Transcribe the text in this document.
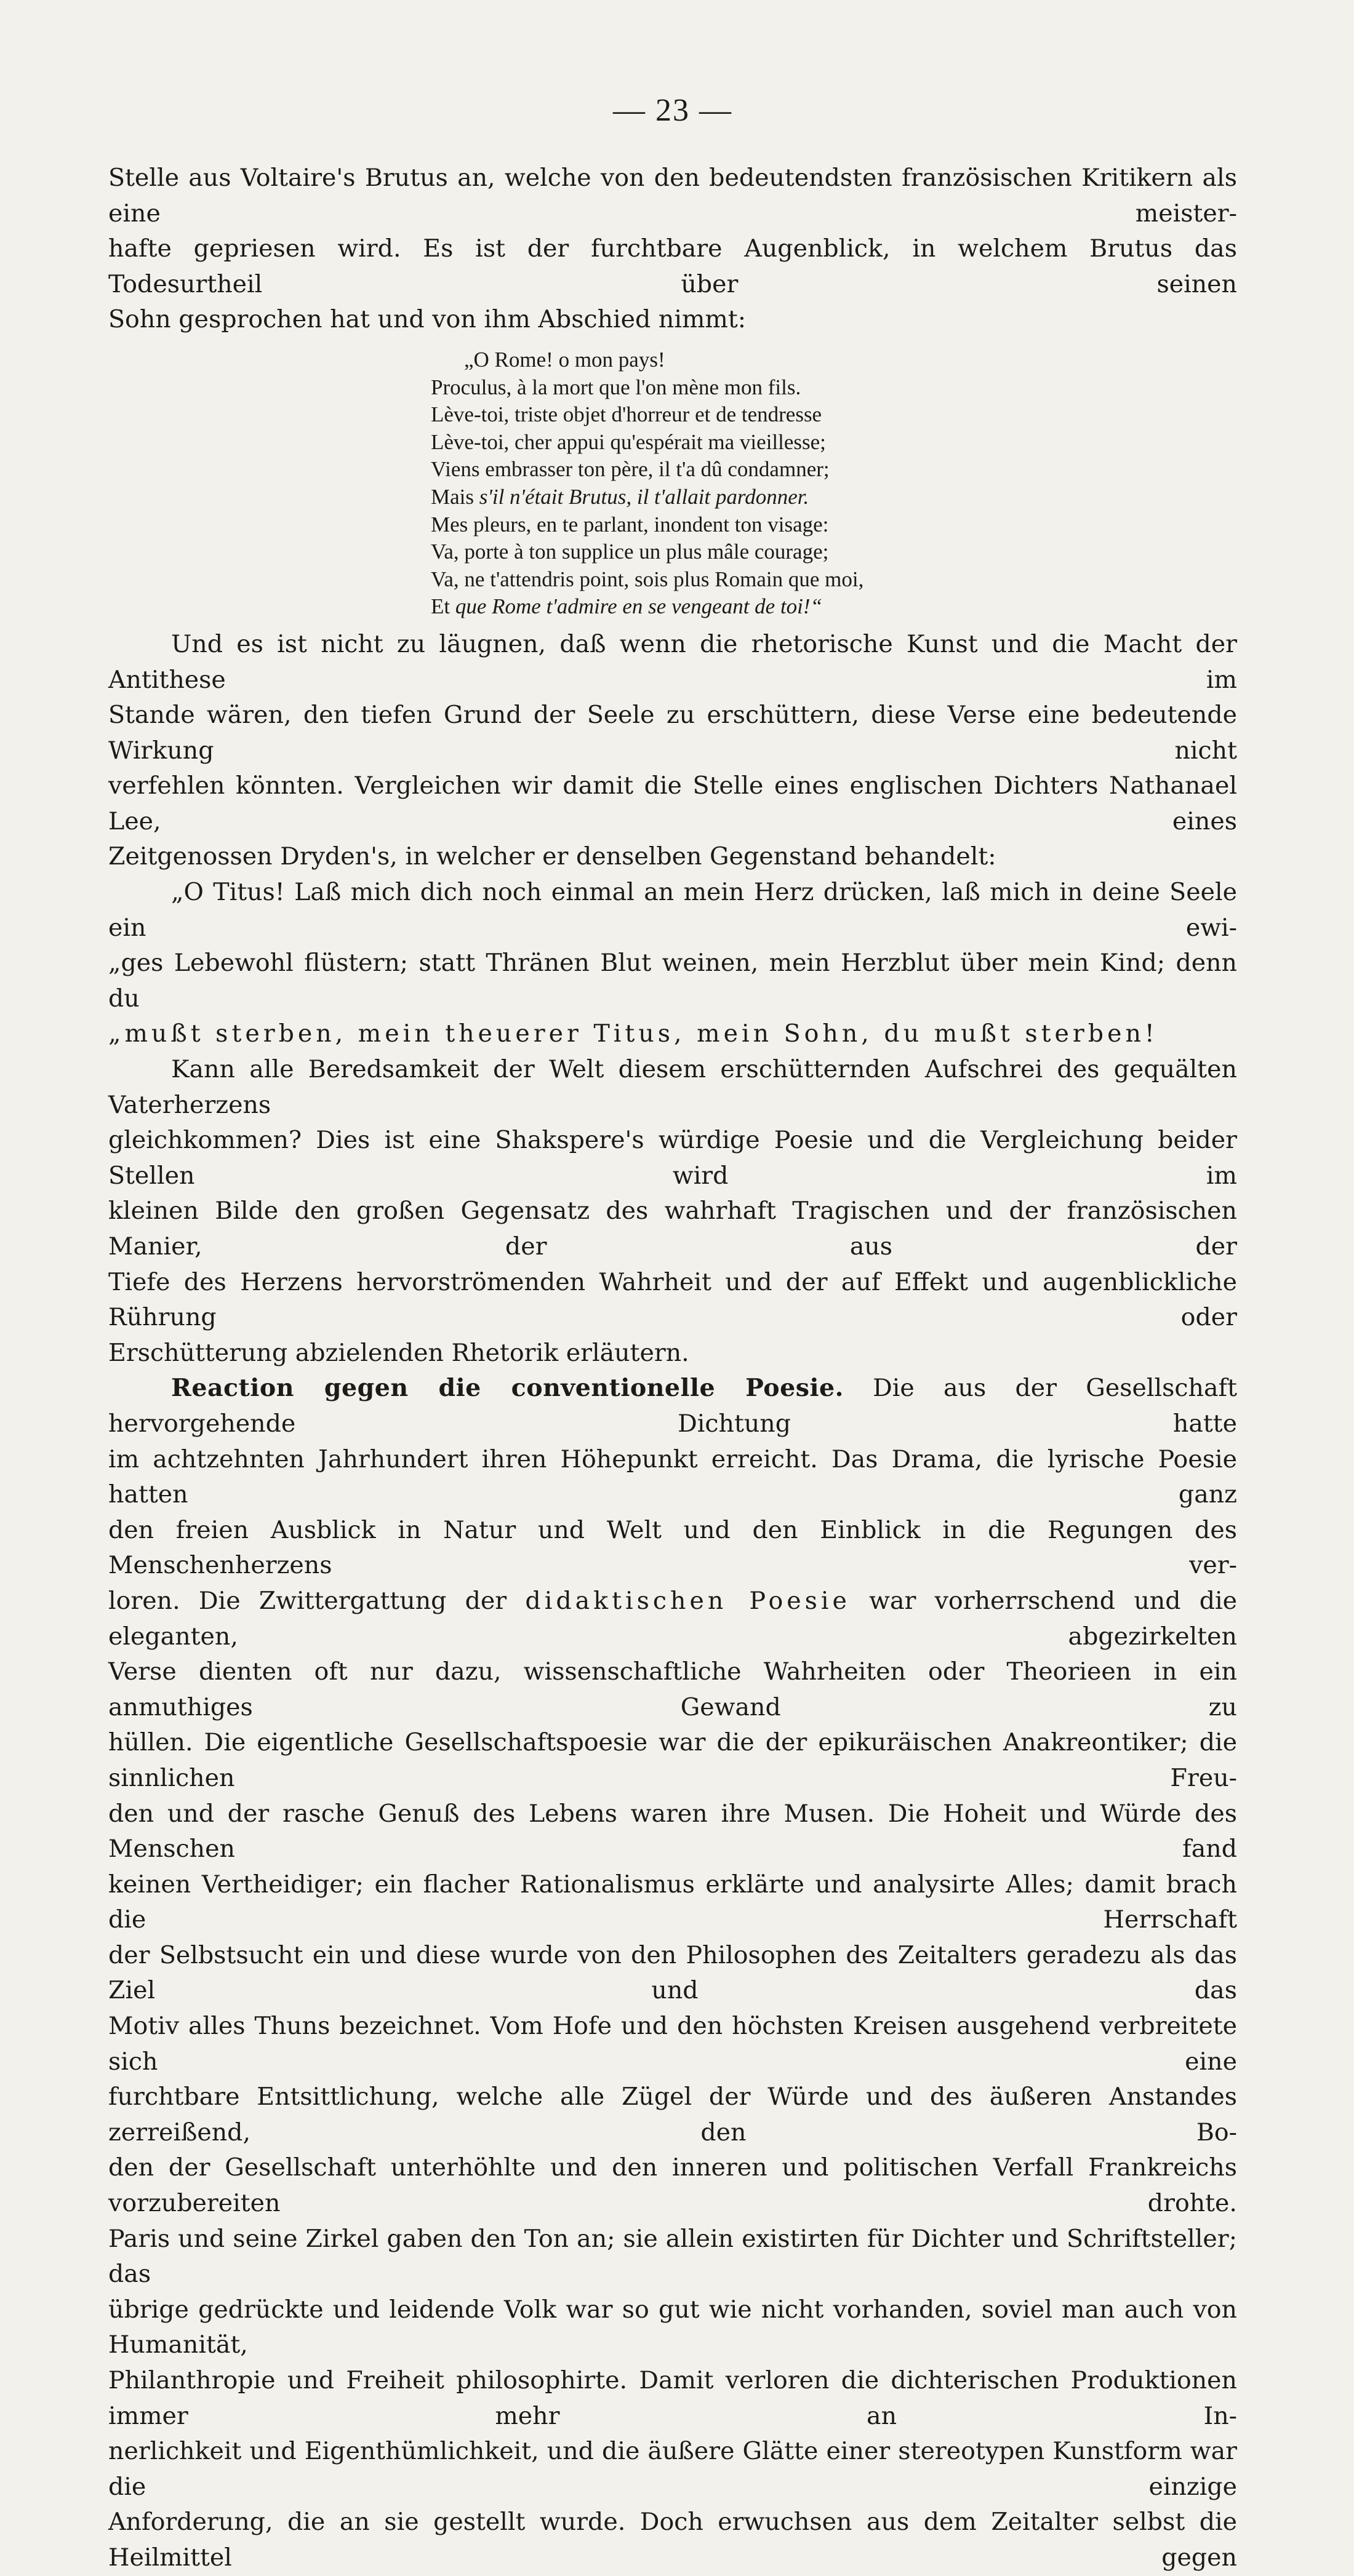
— 23 —

Stelle aus Voltaire's Brutus an, welche von den bedeutendsten französischen Kritikern als eine meister-

hafte gepriesen wird. Es ist der furchtbare Augenblick, in welchem Brutus das Todesurtheil über seinen

Sohn gesprochen hat und von ihm Abschied nimmt:

„O Rome! o mon pays!
Proculus, à la mort que l'on mène mon fils.
Lève-toi, triste objet d'horreur et de tendresse
Lève-toi, cher appui qu'espérait ma vieillesse;
Viens embrasser ton père, il t'a dû condamner;
Mais s'il n'était Brutus, il t'allait pardonner.
Mes pleurs, en te parlant, inondent ton visage:
Va, porte à ton supplice un plus mâle courage;
Va, ne t'attendris point, sois plus Romain que moi,
Et que Rome t'admire en se vengeant de toi!“

Und es ist nicht zu läugnen, daß wenn die rhetorische Kunst und die Macht der Antithese im

Stande wären, den tiefen Grund der Seele zu erschüttern, diese Verse eine bedeutende Wirkung nicht

verfehlen könnten. Vergleichen wir damit die Stelle eines englischen Dichters Nathanael Lee, eines

Zeitgenossen Dryden's, in welcher er denselben Gegenstand behandelt:

„O Titus! Laß mich dich noch einmal an mein Herz drücken, laß mich in deine Seele ein ewi-

„ges Lebewohl flüstern; statt Thränen Blut weinen, mein Herzblut über mein Kind; denn du

„mußt sterben, mein theuerer Titus, mein Sohn, du mußt sterben!

Kann alle Beredsamkeit der Welt diesem erschütternden Aufschrei des gequälten Vaterherzens

gleichkommen? Dies ist eine Shakspere's würdige Poesie und die Vergleichung beider Stellen wird im

kleinen Bilde den großen Gegensatz des wahrhaft Tragischen und der französischen Manier, der aus der

Tiefe des Herzens hervorströmenden Wahrheit und der auf Effekt und augenblickliche Rührung oder

Erschütterung abzielenden Rhetorik erläutern.

Reaction gegen die conventionelle Poesie. Die aus der Gesellschaft hervorgehende Dichtung hatte

im achtzehnten Jahrhundert ihren Höhepunkt erreicht. Das Drama, die lyrische Poesie hatten ganz

den freien Ausblick in Natur und Welt und den Einblick in die Regungen des Menschenherzens ver-

loren. Die Zwittergattung der didaktischen Poesie war vorherrschend und die eleganten, abgezirkelten

Verse dienten oft nur dazu, wissenschaftliche Wahrheiten oder Theorieen in ein anmuthiges Gewand zu

hüllen. Die eigentliche Gesellschaftspoesie war die der epikuräischen Anakreontiker; die sinnlichen Freu-

den und der rasche Genuß des Lebens waren ihre Musen. Die Hoheit und Würde des Menschen fand

keinen Vertheidiger; ein flacher Rationalismus erklärte und analysirte Alles; damit brach die Herrschaft

der Selbstsucht ein und diese wurde von den Philosophen des Zeitalters geradezu als das Ziel und das

Motiv alles Thuns bezeichnet. Vom Hofe und den höchsten Kreisen ausgehend verbreitete sich eine

furchtbare Entsittlichung, welche alle Zügel der Würde und des äußeren Anstandes zerreißend, den Bo-

den der Gesellschaft unterhöhlte und den inneren und politischen Verfall Frankreichs vorzubereiten drohte.

Paris und seine Zirkel gaben den Ton an; sie allein existirten für Dichter und Schriftsteller; das

übrige gedrückte und leidende Volk war so gut wie nicht vorhanden, soviel man auch von Humanität,

Philanthropie und Freiheit philosophirte. Damit verloren die dichterischen Produktionen immer mehr an In-

nerlichkeit und Eigenthümlichkeit, und die äußere Glätte einer stereotypen Kunstform war die einzige

Anforderung, die an sie gestellt wurde. Doch erwuchsen aus dem Zeitalter selbst die Heilmittel gegen
